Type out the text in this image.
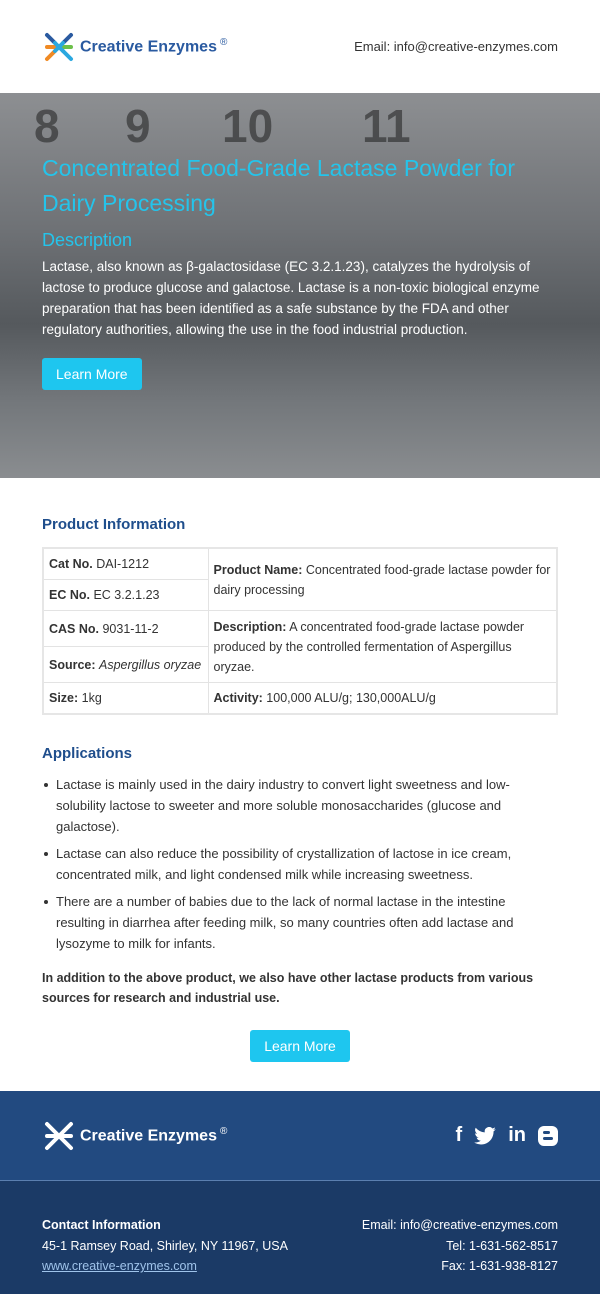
Creative Enzymes ®	Email: info@creative-enzymes.com
8 9 10 11
Concentrated Food-Grade Lactase Powder for Dairy Processing
Description

Lactase, also known as β-galactosidase (EC 3.2.1.23), catalyzes the hydrolysis of lactose to produce glucose and galactose. Lactase is a non-toxic biological enzyme preparation that has been identified as a safe substance by the FDA and other regulatory authorities, allowing the use in the food industrial production.

Learn More
Product Information
Cat No. DAI-1212	Product Name: Concentrated food-grade lactase powder for dairy processing
EC No. EC 3.2.1.23	
CAS No. 9031-11-2	Description: A concentrated food-grade lactase powder produced by the controlled fermentation of Aspergillus oryzae.
Source: Aspergillus oryzae	
Size: 1kg	Activity: 100,000 ALU/g; 130,000ALU/g
Applications
Lactase is mainly used in the dairy industry to convert light sweetness and low-solubility lactose to sweeter and more soluble monosaccharides (glucose and galactose).
Lactase can also reduce the possibility of crystallization of lactose in ice cream, concentrated milk, and light condensed milk while increasing sweetness.
There are a number of babies due to the lack of normal lactase in the intestine resulting in diarrhea after feeding milk, so many countries often add lactase and lysozyme to milk for infants.

In addition to the above product, we also have other lactase products from various sources for research and industrial use.

Learn More
Creative Enzymes ®	f in
Contact Information
45-1 Ramsey Road, Shirley, NY 11967, USA
www.creative-enzymes.com
Email: info@creative-enzymes.com
Tel: 1-631-562-8517
Fax: 1-631-938-8127
